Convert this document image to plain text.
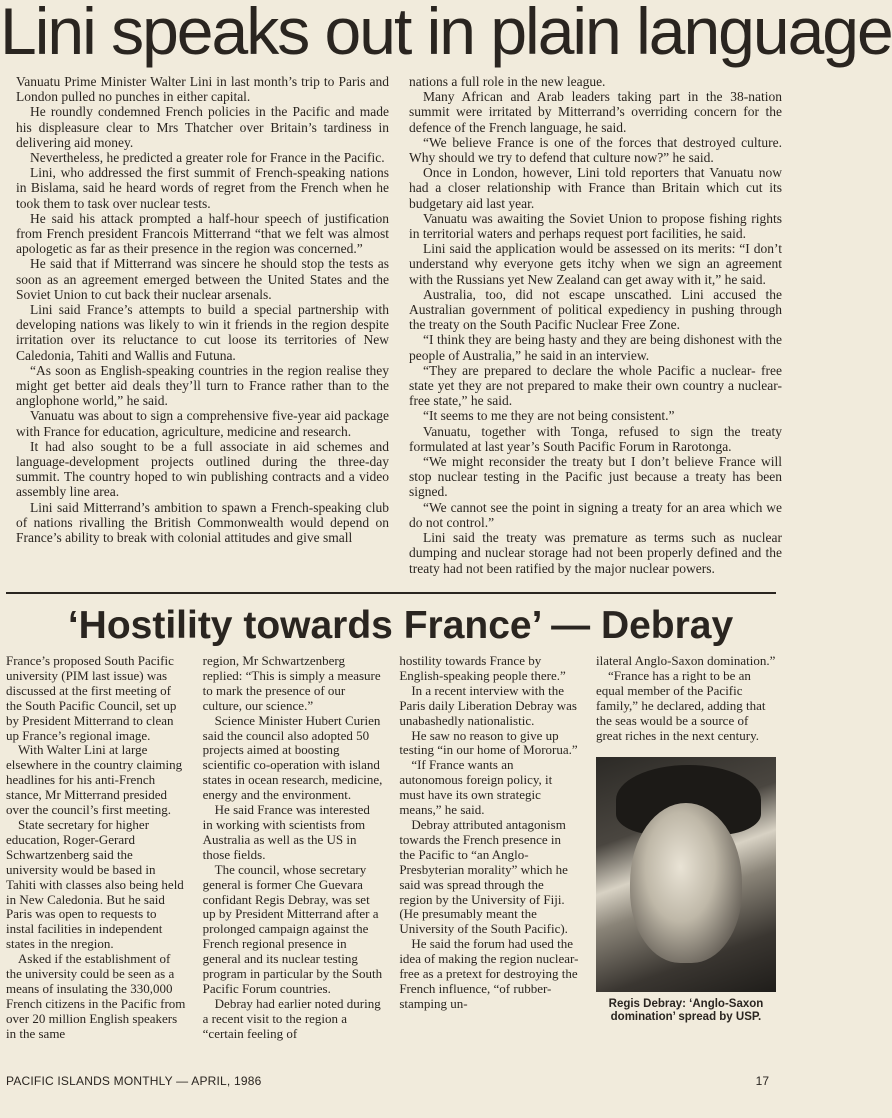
Lini speaks out in plain language

Vanuatu Prime Minister Walter Lini in last month’s trip to Paris and London pulled no punches in either capital.

He roundly condemned French policies in the Pacific and made his displeasure clear to Mrs Thatcher over Britain’s tardiness in delivering aid money.

Nevertheless, he predicted a greater role for France in the Pacific.

Lini, who addressed the first summit of French-speaking nations in Bislama, said he heard words of regret from the French when he took them to task over nuclear tests.

He said his attack prompted a half-hour speech of justification from French president Francois Mitterrand “that we felt was almost apologetic as far as their presence in the region was concerned.”

He said that if Mitterrand was sincere he should stop the tests as soon as an agreement emerged between the United States and the Soviet Union to cut back their nuclear arsenals.

Lini said France’s attempts to build a special partnership with developing nations was likely to win it friends in the region despite irritation over its reluctance to cut loose its territories of New Caledonia, Tahiti and Wallis and Futuna.

“As soon as English-speaking countries in the region realise they might get better aid deals they’ll turn to France rather than to the anglophone world,” he said.

Vanuatu was about to sign a comprehensive five-year aid package with France for education, agriculture, medicine and research.

It had also sought to be a full associate in aid schemes and language-development projects outlined during the three-day summit. The country hoped to win publishing contracts and a video assembly line area.

Lini said Mitterrand’s ambition to spawn a French-speaking club of nations rivalling the British Commonwealth would depend on France’s ability to break with colonial attitudes and give small

nations a full role in the new league.

Many African and Arab leaders taking part in the 38-nation summit were irritated by Mitterrand’s overriding concern for the defence of the French language, he said.

“We believe France is one of the forces that destroyed culture. Why should we try to defend that culture now?” he said.

Once in London, however, Lini told reporters that Vanuatu now had a closer relationship with France than Britain which cut its budgetary aid last year.

Vanuatu was awaiting the Soviet Union to propose fishing rights in territorial waters and perhaps request port facilities, he said.

Lini said the application would be assessed on its merits: “I don’t understand why everyone gets itchy when we sign an agreement with the Russians yet New Zealand can get away with it,” he said.

Australia, too, did not escape unscathed. Lini accused the Australian government of political expediency in pushing through the treaty on the South Pacific Nuclear Free Zone.

“I think they are being hasty and they are being dishonest with the people of Australia,” he said in an interview.

“They are prepared to declare the whole Pacific a nuclear- free state yet they are not prepared to make their own country a nuclear-free state,” he said.

“It seems to me they are not being consistent.”

Vanuatu, together with Tonga, refused to sign the treaty formulated at last year’s South Pacific Forum in Rarotonga.

“We might reconsider the treaty but I don’t believe France will stop nuclear testing in the Pacific just because a treaty has been signed.

“We cannot see the point in signing a treaty for an area which we do not control.”

Lini said the treaty was premature as terms such as nuclear dumping and nuclear storage had not been properly defined and the treaty had not been ratified by the major nuclear powers.

‘Hostility towards France’ — Debray

France’s proposed South Pacific university (PIM last issue) was discussed at the first meeting of the South Pacific Council, set up by President Mitterrand to clean up France’s regional image.

With Walter Lini at large elsewhere in the country claiming headlines for his anti-French stance, Mr Mitterrand presided over the council’s first meeting.

State secretary for higher education, Roger-Gerard Schwartzenberg said the university would be based in Tahiti with classes also being held in New Caledonia. But he said Paris was open to requests to instal facilities in independent states in the nregion.

Asked if the establishment of the university could be seen as a means of insulating the 330,000 French citizens in the Pacific from over 20 million English speakers in the same

region, Mr Schwartzenberg replied: “This is simply a measure to mark the presence of our culture, our science.”

Science Minister Hubert Curien said the council also adopted 50 projects aimed at boosting scientific co-operation with island states in ocean research, medicine, energy and the environment.

He said France was interested in working with scientists from Australia as well as the US in those fields.

The council, whose secretary general is former Che Guevara confidant Regis Debray, was set up by President Mitterrand after a prolonged campaign against the French regional presence in general and its nuclear testing program in particular by the South Pacific Forum countries.

Debray had earlier noted during a recent visit to the region a “certain feeling of

hostility towards France by English-speaking people there.”

In a recent interview with the Paris daily Liberation Debray was unabashedly nationalistic.

He saw no reason to give up testing “in our home of Mororua.”

“If France wants an autonomous foreign policy, it must have its own strategic means,” he said.

Debray attributed antagonism towards the French presence in the Pacific to “an Anglo-Presbyterian morality” which he said was spread through the region by the University of Fiji. (He presumably meant the University of the South Pacific).

He said the forum had used the idea of making the region nuclear-free as a pretext for destroying the French influence, “of rubber-stamping un-

ilateral Anglo-Saxon domination.”

“France has a right to be an equal member of the Pacific family,” he declared, adding that the seas would be a source of great riches in the next century.

Regis Debray: ‘Anglo-Saxon domination’ spread by USP.
PACIFIC ISLANDS MONTHLY — APRIL, 1986	17
